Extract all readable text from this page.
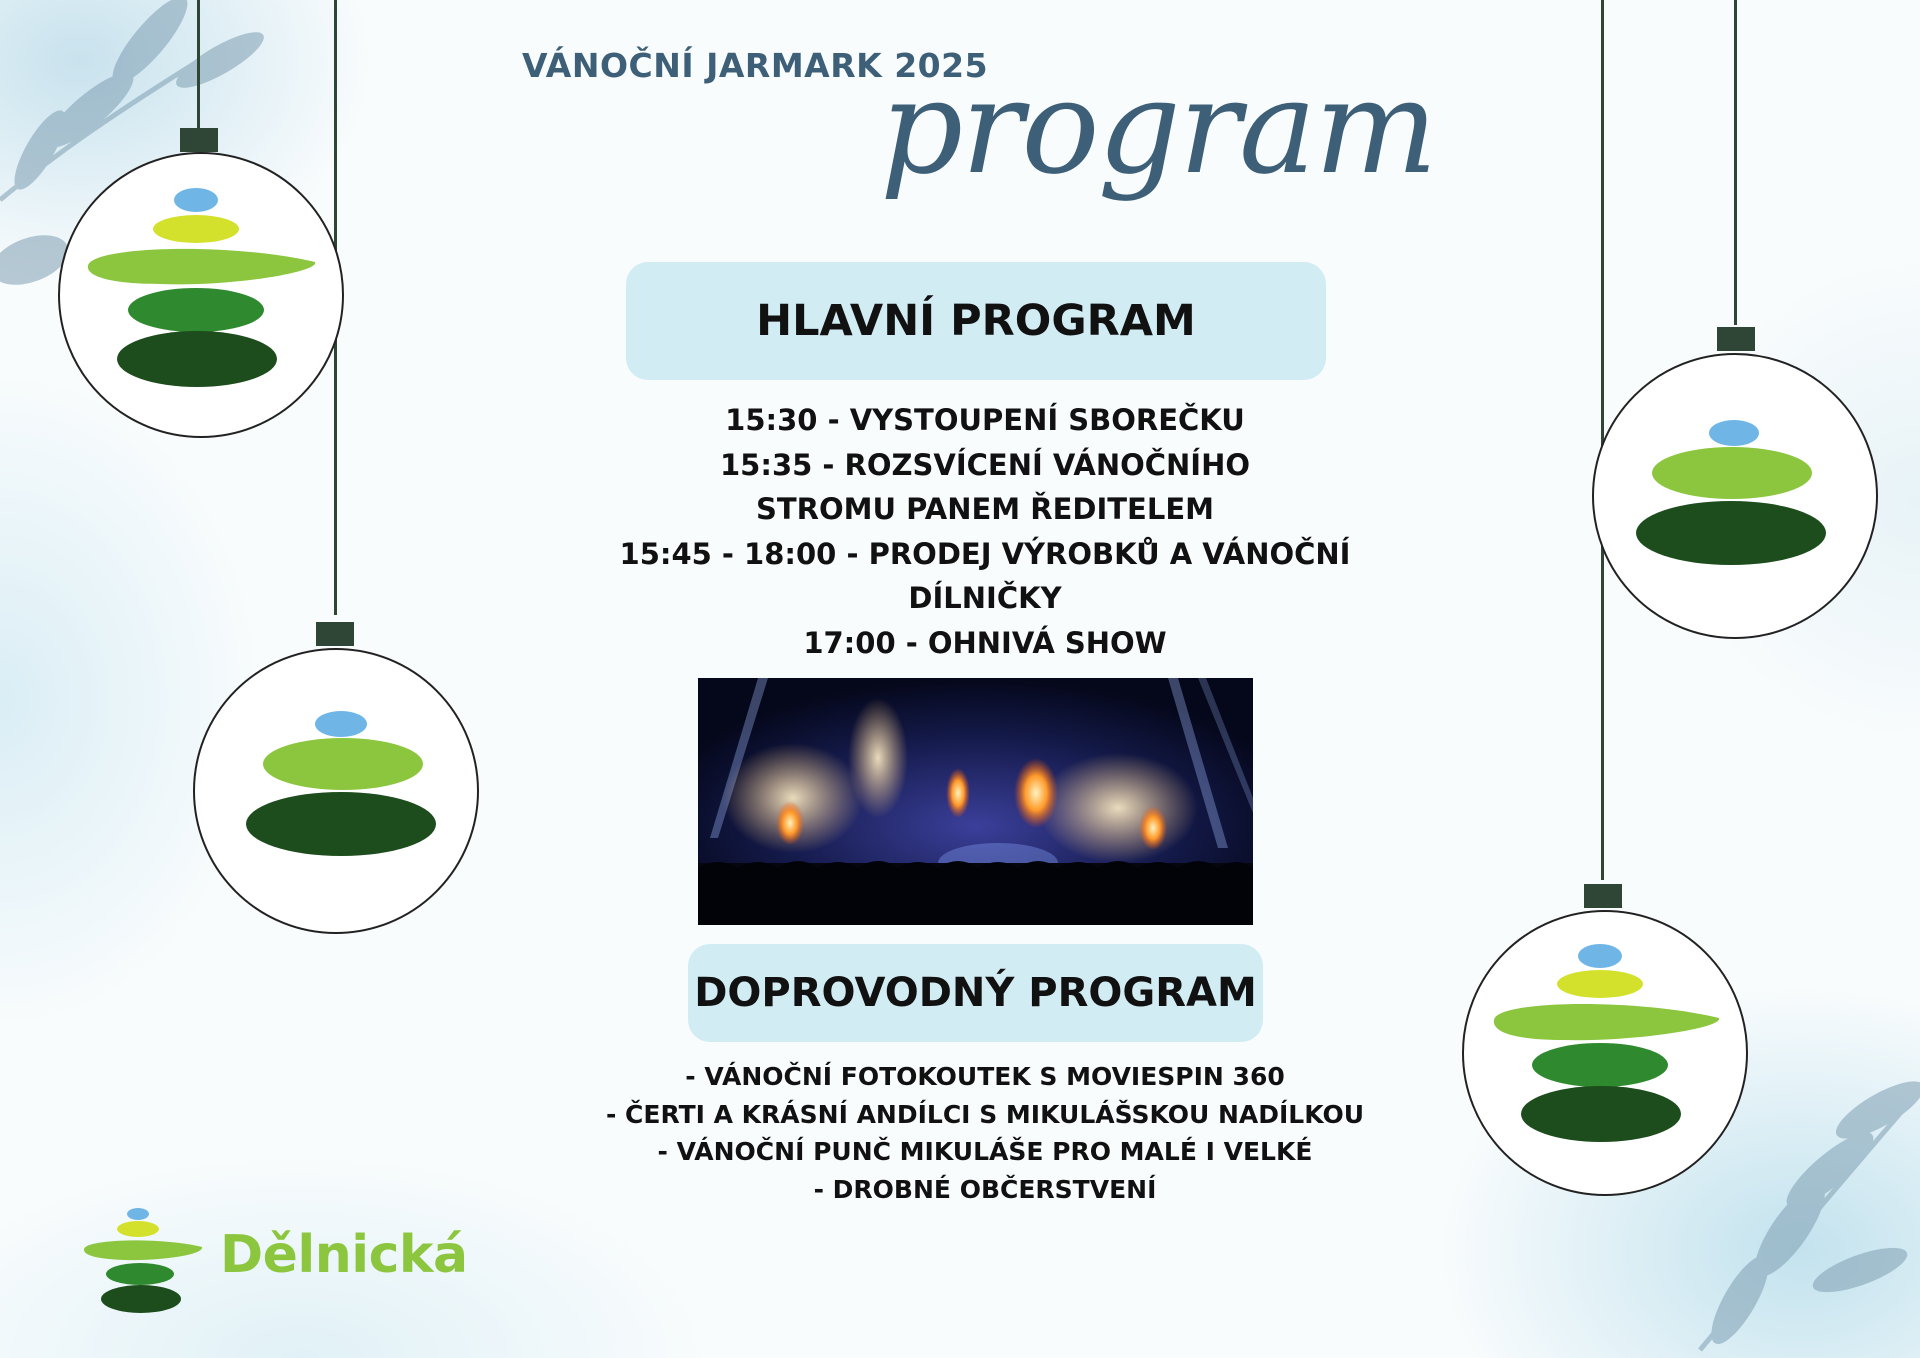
VÁNOČNÍ JARMARK 2025
program
HLAVNÍ PROGRAM
15:30 - VYSTOUPENÍ SBOREČKU
15:35 - ROZSVÍCENÍ VÁNOČNÍHO
STROMU PANEM ŘEDITELEM
15:45 - 18:00 - PRODEJ VÝROBKŮ A VÁNOČNÍ
DÍLNIČKY
17:00 - OHNIVÁ SHOW
DOPROVODNÝ PROGRAM
- VÁNOČNÍ FOTOKOUTEK S MOVIESPIN 360
- ČERTI A KRÁSNÍ ANDÍLCI S MIKULÁŠSKOU NADÍLKOU
- VÁNOČNÍ PUNČ MIKULÁŠE PRO MALÉ I VELKÉ
- DROBNÉ OBČERSTVENÍ
Dělnická
